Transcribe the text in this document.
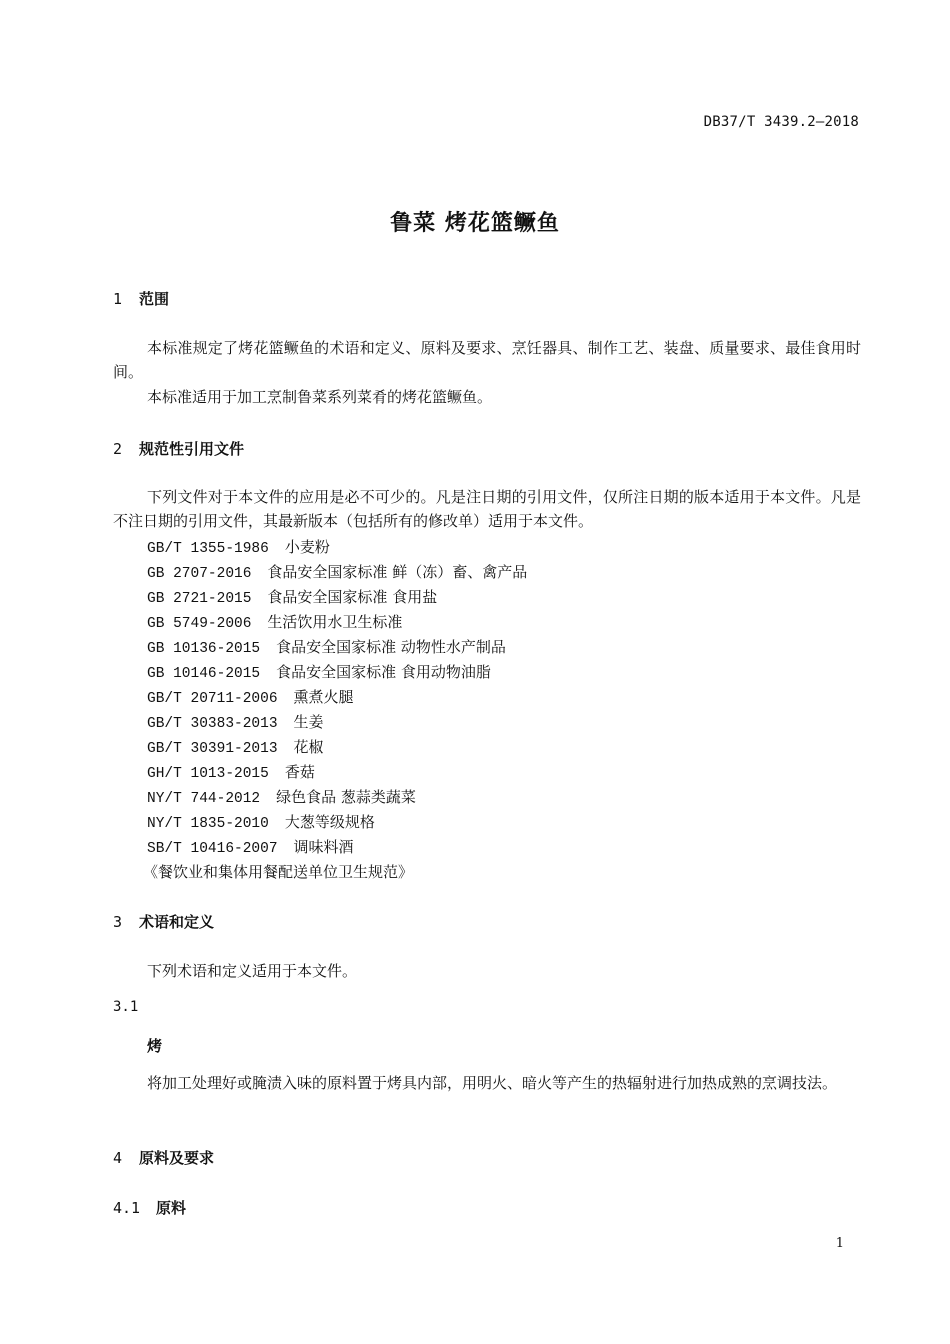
DB37/T 3439.2—2018
鲁菜 烤花篮鳜鱼
1 范围
本标准规定了烤花篮鳜鱼的术语和定义、原料及要求、烹饪器具、制作工艺、装盘、质量要求、最佳食用时间。
本标准适用于加工烹制鲁菜系列菜肴的烤花篮鳜鱼。
2 规范性引用文件
下列文件对于本文件的应用是必不可少的。凡是注日期的引用文件，仅所注日期的版本适用于本文件。凡是不注日期的引用文件，其最新版本（包括所有的修改单）适用于本文件。
GB/T 1355-1986 小麦粉
GB 2707-2016 食品安全国家标准 鲜（冻）畜、禽产品
GB 2721-2015 食品安全国家标准 食用盐
GB 5749-2006 生活饮用水卫生标准
GB 10136-2015 食品安全国家标准 动物性水产制品
GB 10146-2015 食品安全国家标准 食用动物油脂
GB/T 20711-2006 熏煮火腿
GB/T 30383-2013 生姜
GB/T 30391-2013 花椒
GH/T 1013-2015 香菇
NY/T 744-2012 绿色食品 葱蒜类蔬菜
NY/T 1835-2010 大葱等级规格
SB/T 10416-2007 调味料酒
《餐饮业和集体用餐配送单位卫生规范》
3 术语和定义
下列术语和定义适用于本文件。
3.1
烤
将加工处理好或腌渍入味的原料置于烤具内部，用明火、暗火等产生的热辐射进行加热成熟的烹调技法。
4 原料及要求
4.1 原料
1
